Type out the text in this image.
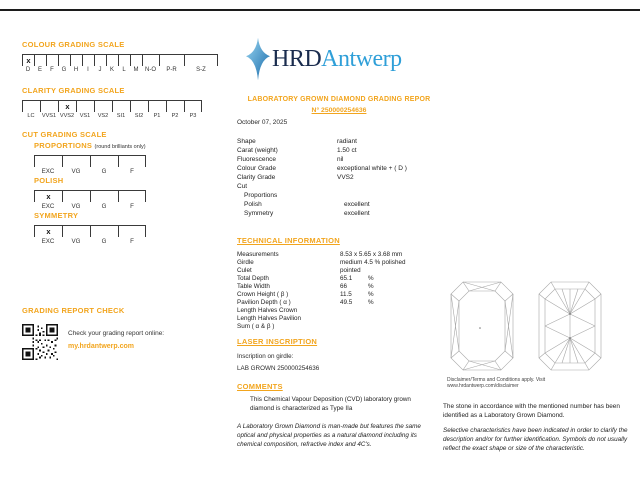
COLOUR GRADING SCALE
x
D	E	F	G	H	I	J	K	L	M	N-O	P-R	S-Z
CLARITY GRADING SCALE
x
LC	VVS1 VVS2 VS1	VS2	SI1	SI2	P1	P2	P3
CUT GRADING SCALE
PROPORTIONS (round brilliants only)
EXC	VG	G	F
POLISH
x
EXC	VG	G	F
SYMMETRY
x
EXC	VG	G	F
GRADING REPORT CHECK
Check your grading report online:
my.hrdantwerp.com
HRD Antwerp
LABORATORY GROWN DIAMOND GRADING REPOR
N° 250000254636
October 07, 2025
Shape	radiant
Carat (weight)	1.50 ct
Fluorescence	nil
Colour Grade	exceptional white + ( D )
Clarity Grade	VVS2
Cut
Proportions
Polish	excellent
Symmetry	excellent
TECHNICAL INFORMATION
Measurements	8.53 x 5.65 x 3.68 mm
Girdle	medium 4.5 % polished
Culet	pointed
Total Depth	65.1	%
Table Width	66	%
Crown Height ( β )	11.5	%
Pavilion Depth ( α )	49.5	%
Length Halves Crown
Length Halves Pavilion
Sum ( α & β )
LASER INSCRIPTION
Inscription on girdle:
LAB GROWN 250000254636
COMMENTS
This Chemical Vapour Deposition (CVD) laboratory grown diamond is characterized as Type IIa
A Laboratory Grown Diamond is man-made but features the same optical and physical properties as a natural diamond including its chemical composition, refractive index and 4C's.
Disclaimer/Terms and Conditions apply. Visit www.hrdantwerp.com/disclaimer
The stone in accordance with the mentioned number has been identified as a Laboratory Grown Diamond.
Selective characteristics have been indicated in order to clarify the description and/or for further identification. Symbols do not usually reflect the exact shape or size of the characteristic.
